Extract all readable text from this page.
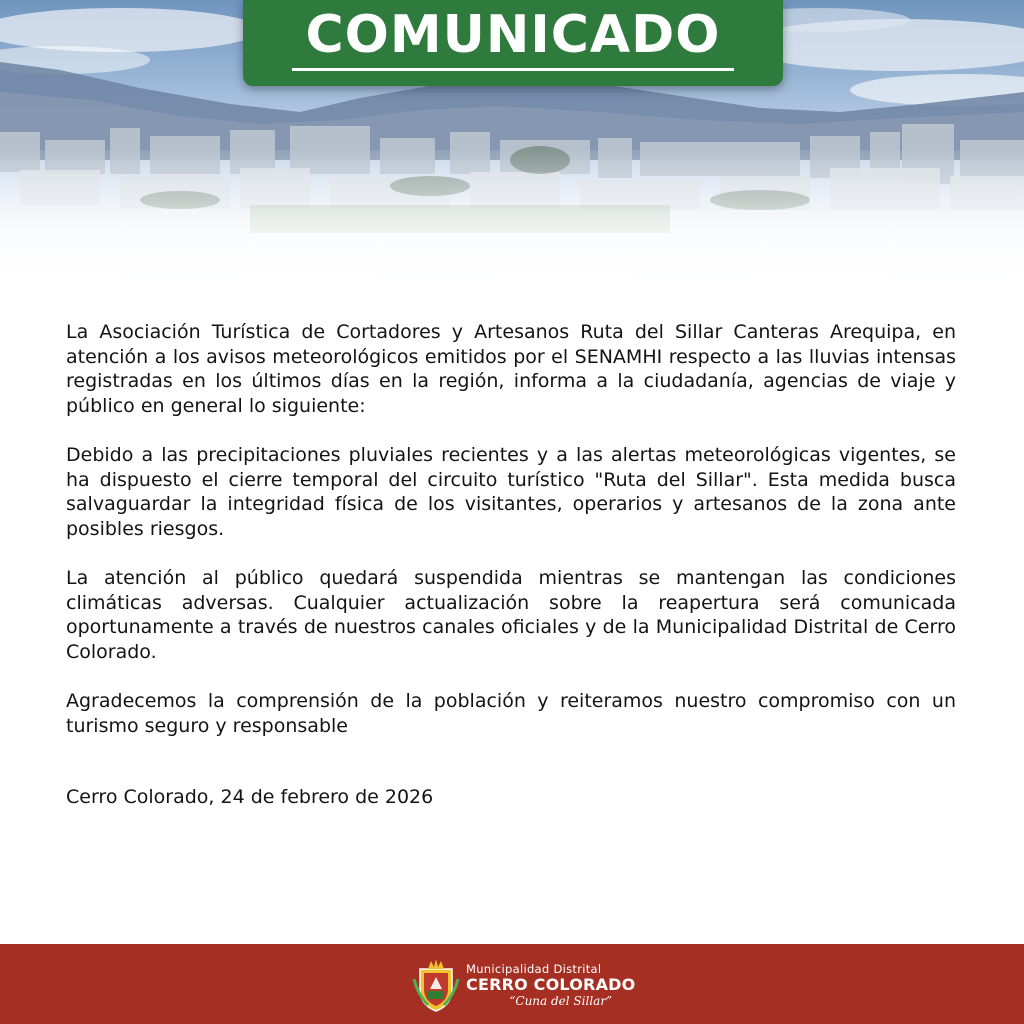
COMUNICADO

La Asociación Turística de Cortadores y Artesanos Ruta del Sillar Canteras Arequipa, en atención a los avisos meteorológicos emitidos por el SENAMHI respecto a las lluvias intensas registradas en los últimos días en la región, informa a la ciudadanía, agencias de viaje y público en general lo siguiente:

Debido a las precipitaciones pluviales recientes y a las alertas meteorológicas vigentes, se ha dispuesto el cierre temporal del circuito turístico "Ruta del Sillar". Esta medida busca salvaguardar la integridad física de los visitantes, operarios y artesanos de la zona ante posibles riesgos.

La atención al público quedará suspendida mientras se mantengan las condiciones climáticas adversas. Cualquier actualización sobre la reapertura será comunicada oportunamente a través de nuestros canales oficiales y de la Municipalidad Distrital de Cerro Colorado.

Agradecemos la comprensión de la población y reiteramos nuestro compromiso con un turismo seguro y responsable

Cerro Colorado, 24 de febrero de 2026

Municipalidad Distrital
CERRO COLORADO
“Cuna del Sillar”
